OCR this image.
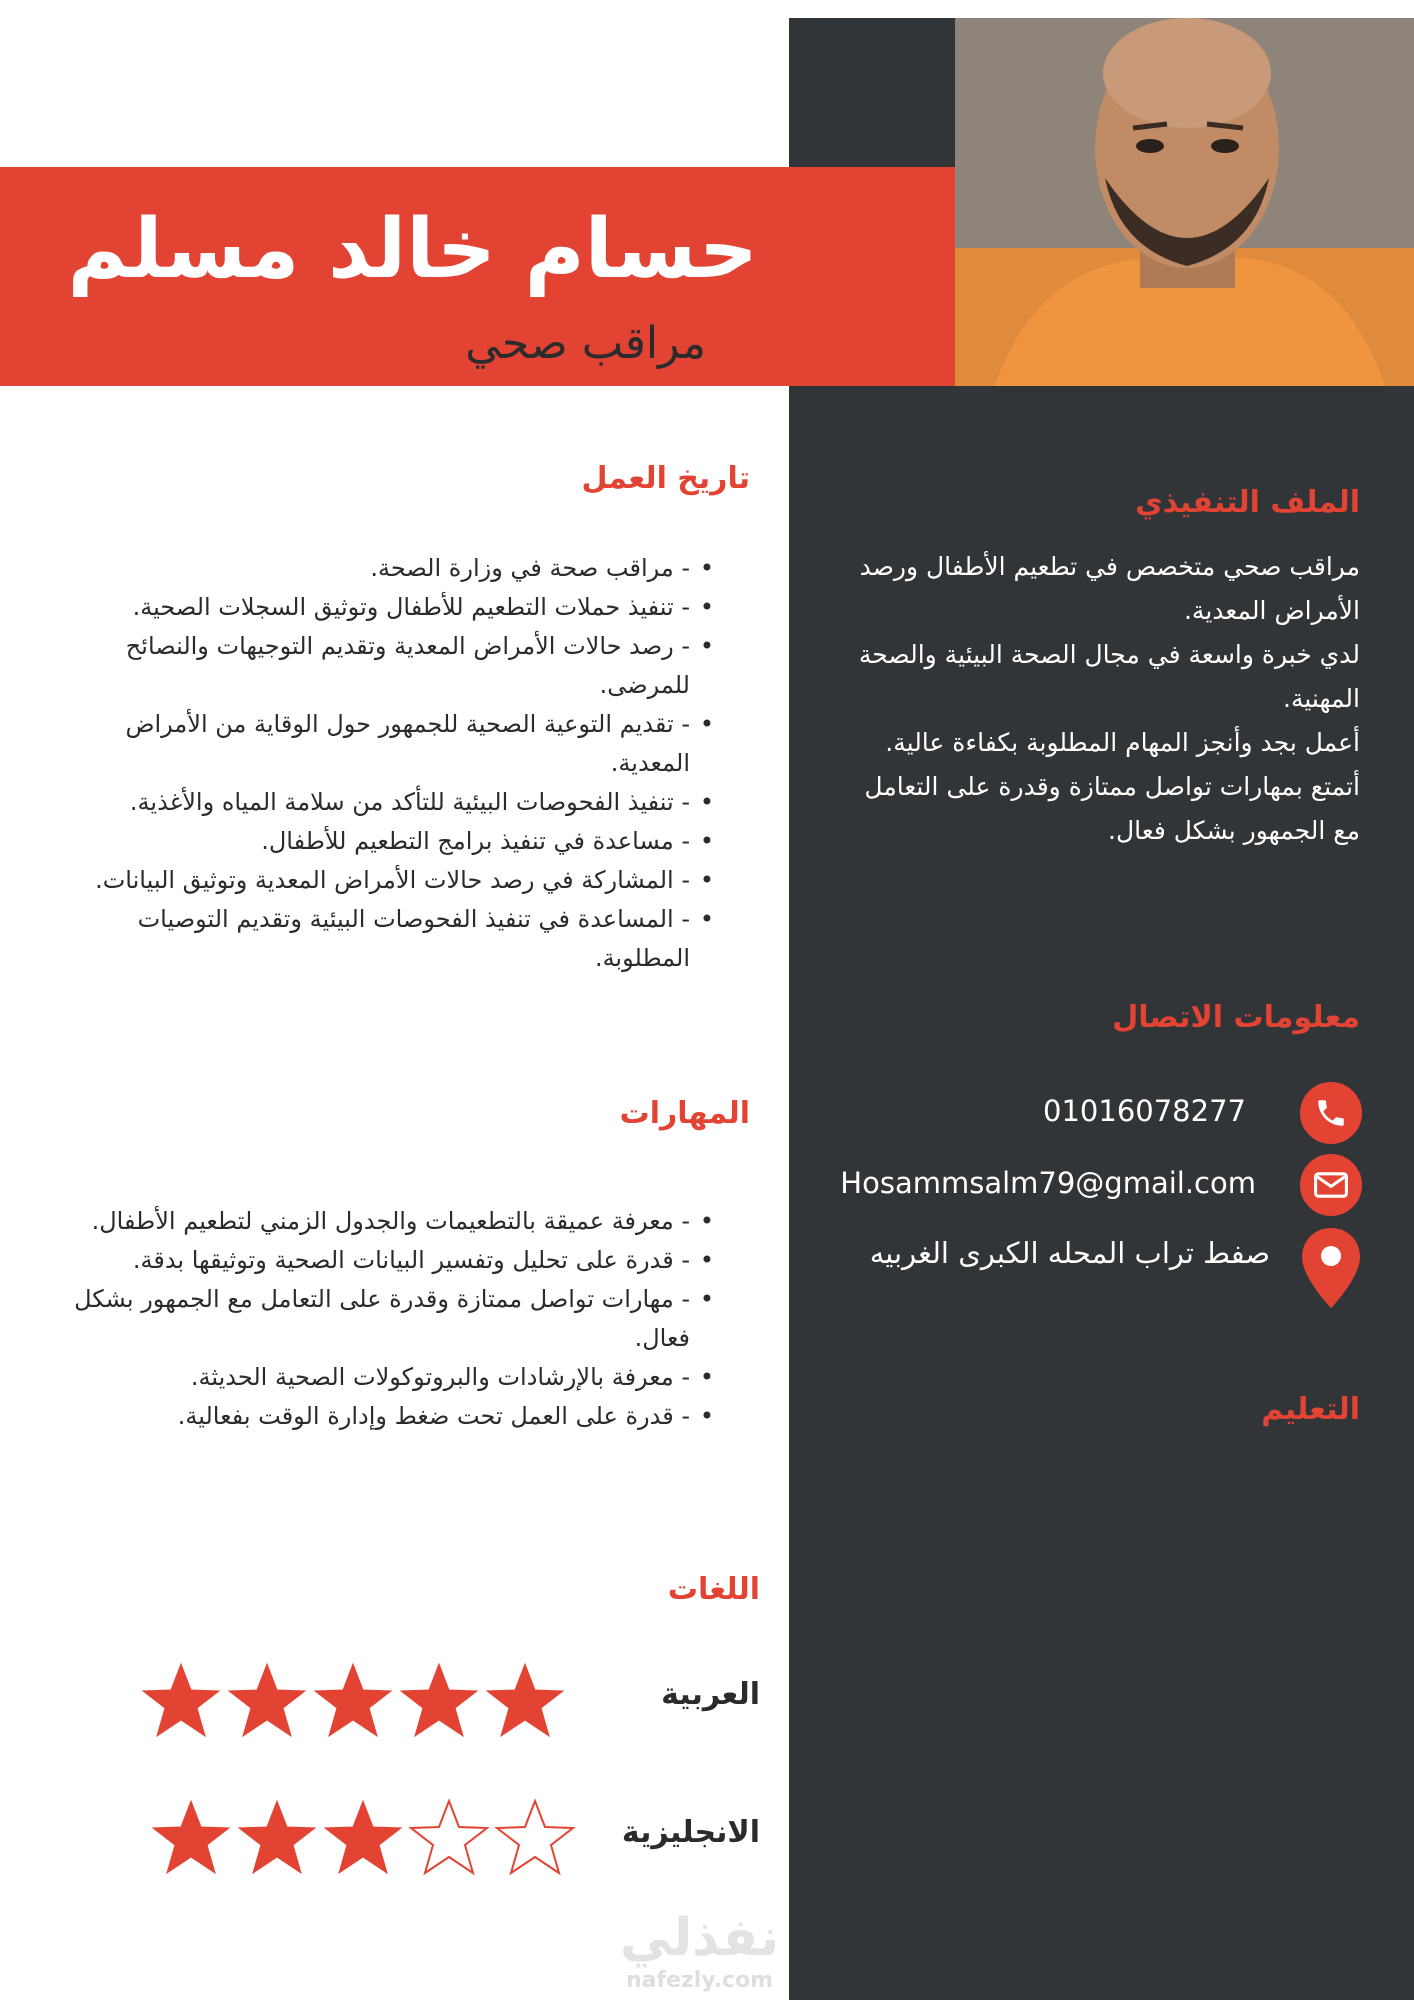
حسام خالد مسلم
مراقب صحي
الملف التنفيذي
مراقب صحي متخصص في تطعيم الأطفال ورصد الأمراض المعدية.
لدي خبرة واسعة في مجال الصحة البيئية والصحة المهنية.
أعمل بجد وأنجز المهام المطلوبة بكفاءة عالية.
أتمتع بمهارات تواصل ممتازة وقدرة على التعامل مع الجمهور بشكل فعال.
معلومات الاتصال
01016078277
Hosammsalm79@gmail.com
صفط تراب المحله الكبرى الغربيه
التعليم
تاريخ العمل
• - مراقب صحة في وزارة الصحة.
• - تنفيذ حملات التطعيم للأطفال وتوثيق السجلات الصحية.
• - رصد حالات الأمراض المعدية وتقديم التوجيهات والنصائح للمرضى.
• - تقديم التوعية الصحية للجمهور حول الوقاية من الأمراض المعدية.
• - تنفيذ الفحوصات البيئية للتأكد من سلامة المياه والأغذية.
• - مساعدة في تنفيذ برامج التطعيم للأطفال.
• - المشاركة في رصد حالات الأمراض المعدية وتوثيق البيانات.
• - المساعدة في تنفيذ الفحوصات البيئية وتقديم التوصيات المطلوبة.
المهارات
• - معرفة عميقة بالتطعيمات والجدول الزمني لتطعيم الأطفال.
• - قدرة على تحليل وتفسير البيانات الصحية وتوثيقها بدقة.
• - مهارات تواصل ممتازة وقدرة على التعامل مع الجمهور بشكل فعال.
• - معرفة بالإرشادات والبروتوكولات الصحية الحديثة.
• - قدرة على العمل تحت ضغط وإدارة الوقت بفعالية.
اللغات
العربية
الانجليزية
نفذلي
nafezly.com
